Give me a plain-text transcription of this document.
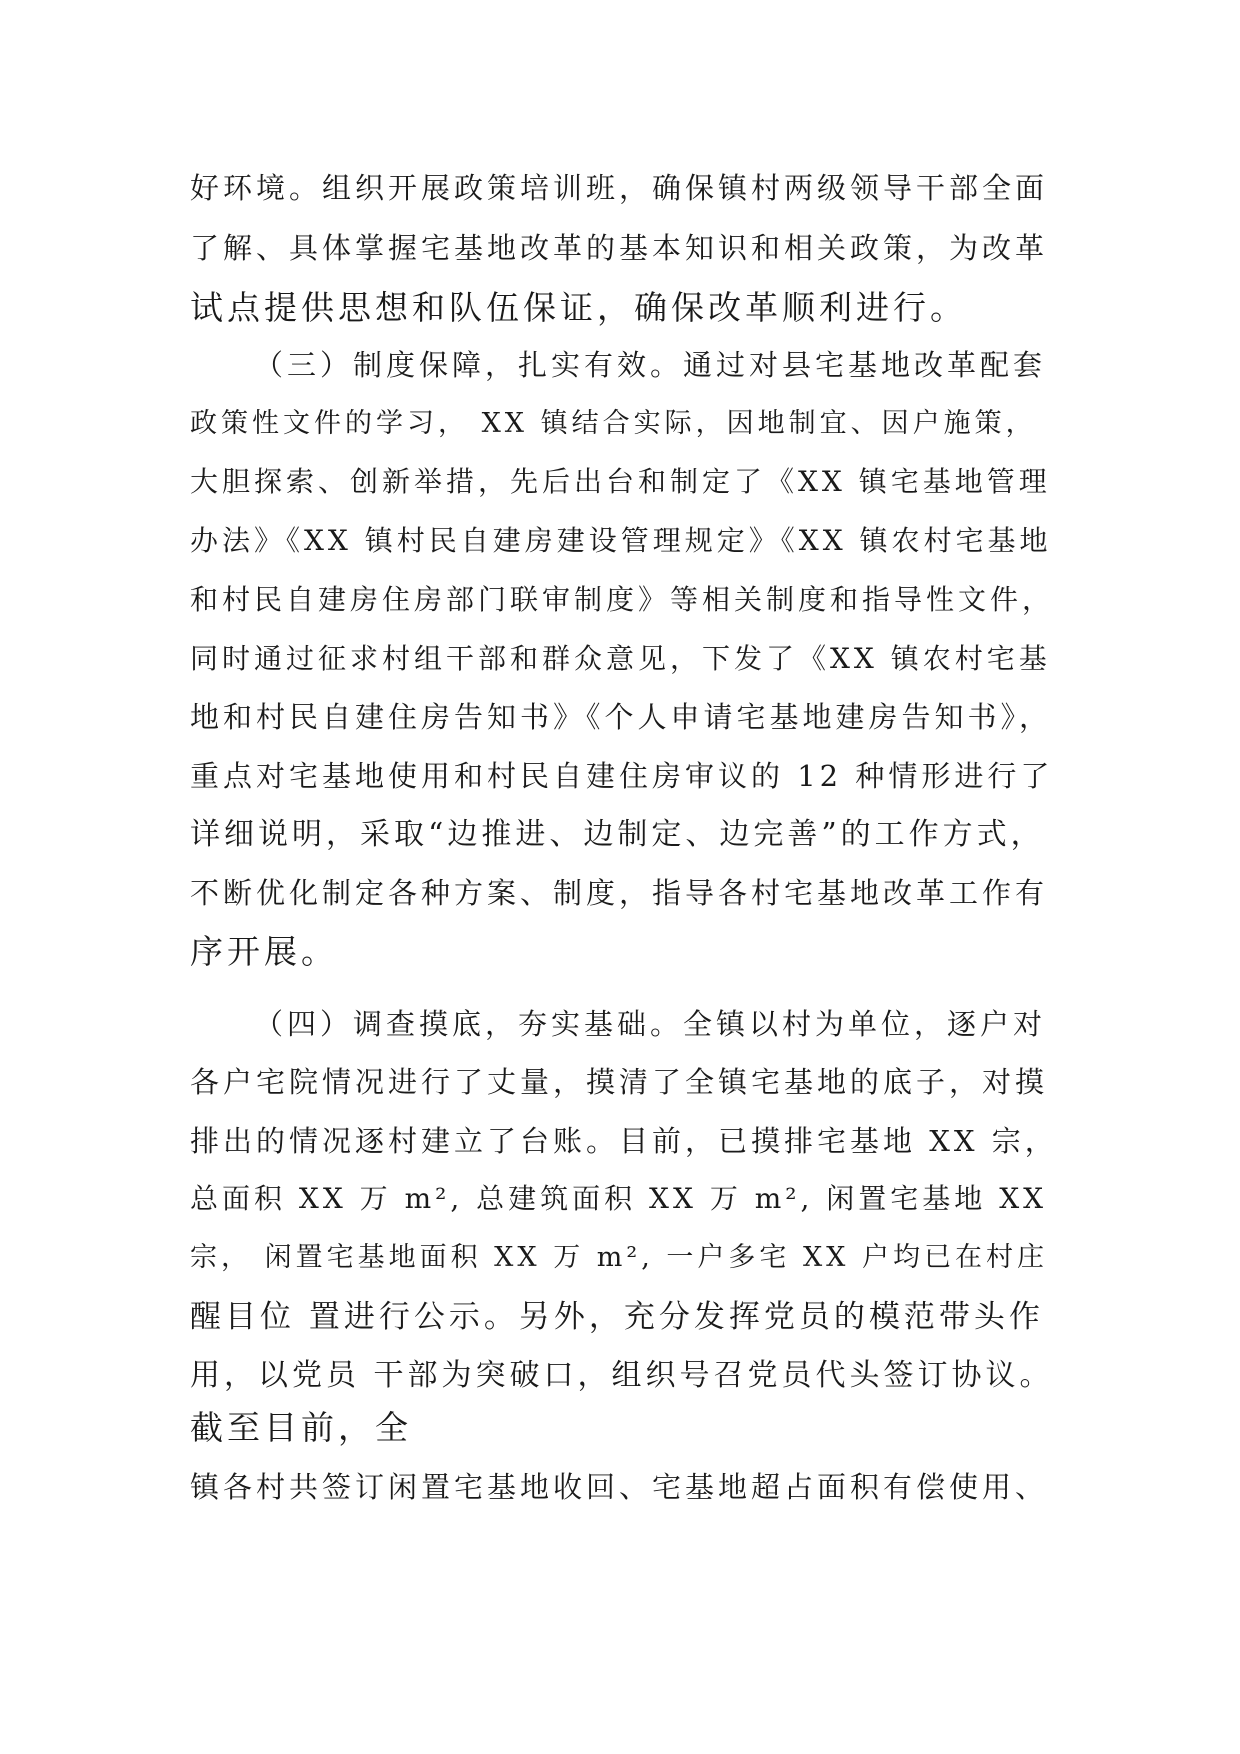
好环境。组织开展政策培训班，确保镇村两级领导干部全面
了解、具体掌握宅基地改革的基本知识和相关政策，为改革
试点提供思想和队伍保证，确保改革顺利进行。
（三）制度保障，扎实有效。通过对县宅基地改革配套
政策性文件的学习， XX 镇结合实际，因地制宜、因户施策，
大胆探索、创新举措，先后出台和制定了《XX 镇宅基地管理
办法》《XX 镇村民自建房建设管理规定》《XX 镇农村宅基地
和村民自建房住房部门联审制度》等相关制度和指导性文件，
同时通过征求村组干部和群众意见，下发了《XX 镇农村宅基
地和村民自建住房告知书》《个人申请宅基地建房告知书》，
重点对宅基地使用和村民自建住房审议的 12 种情形进行了
详细说明，采取“边推进、边制定、边完善”的工作方式，
不断优化制定各种方案、制度，指导各村宅基地改革工作有
序开展。
（四）调查摸底，夯实基础。全镇以村为单位，逐户对
各户宅院情况进行了丈量，摸清了全镇宅基地的底子，对摸
排出的情况逐村建立了台账。目前，已摸排宅基地 XX 宗，
总面积 XX 万 m², 总建筑面积 XX 万 m², 闲置宅基地 XX
宗， 闲置宅基地面积 XX 万 m², 一户多宅 XX 户均已在村庄
醒目位 置进行公示。另外，充分发挥党员的模范带头作
用，以党员 干部为突破口，组织号召党员代头签订协议。
截至目前，全
镇各村共签订闲置宅基地收回、宅基地超占面积有偿使用、
